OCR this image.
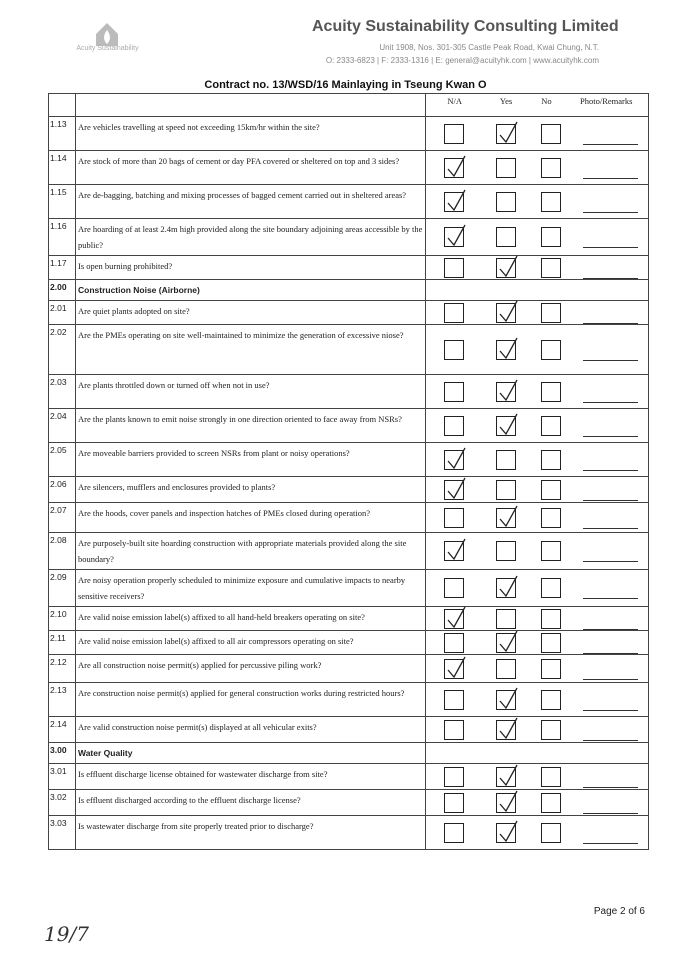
Acuity Sustainability
Acuity Sustainability Consulting Limited
Unit 1908, Nos. 301-305 Castle Peak Road, Kwai Chung, N.T.
O: 2333-6823 | F: 2333-1316 | E: general@acuityhk.com | www.acuityhk.com
Contract no. 13/WSD/16 Mainlaying in Tseung Kwan O
		N/A	Yes	No	Photo/Remarks
1.13	Are vehicles travelling at speed not exceeding 15km/hr within the site?	

1.14	Are stock of more than 20 bags of cement or day PFA covered or sheltered on top and 3 sides?	

1.15	Are de-bagging, batching and mixing processes of bagged cement carried out in sheltered areas?	

1.16	Are hoarding of at least 2.4m high provided along the site boundary adjoining areas accessible by the public?	

1.17	Is open burning prohibited?	

2.00	Construction Noise (Airborne)				
2.01	Are quiet plants adopted on site?	

2.02	Are the PMEs operating on site well-maintained to minimize the generation of excessive niose?	

2.03	Are plants throttled down or turned off when not in use?	

2.04	Are the plants known to emit noise strongly in one direction oriented to face away from NSRs?	

2.05	Are moveable barriers provided to screen NSRs from plant or noisy operations?	

2.06	Are silencers, mufflers and enclosures provided to plants?	

2.07	Are the hoods, cover panels and inspection hatches of PMEs closed during operation?	

2.08	Are purposely-built site hoarding construction with appropriate materials provided along the site boundary?	

2.09	Are noisy operation properly scheduled to minimize exposure and cumulative impacts to nearby sensitive receivers?	

2.10	Are valid noise emission label(s) affixed to all hand-held breakers operating on site?	

2.11	Are valid noise emission label(s) affixed to all air compressors operating on site?	

2.12	Are all construction noise permit(s) applied for percussive piling work?	

2.13	Are construction noise permit(s) applied for general construction works during restricted hours?	

2.14	Are valid construction noise permit(s) displayed at all vehicular exits?	

3.00	Water Quality				
3.01	Is effluent discharge license obtained for wastewater discharge from site?	

3.02	Is effluent discharged according to the effluent discharge license?	

3.03	Is wastewater discharge from site properly treated prior to discharge?	

Page 2 of 6
19/7
